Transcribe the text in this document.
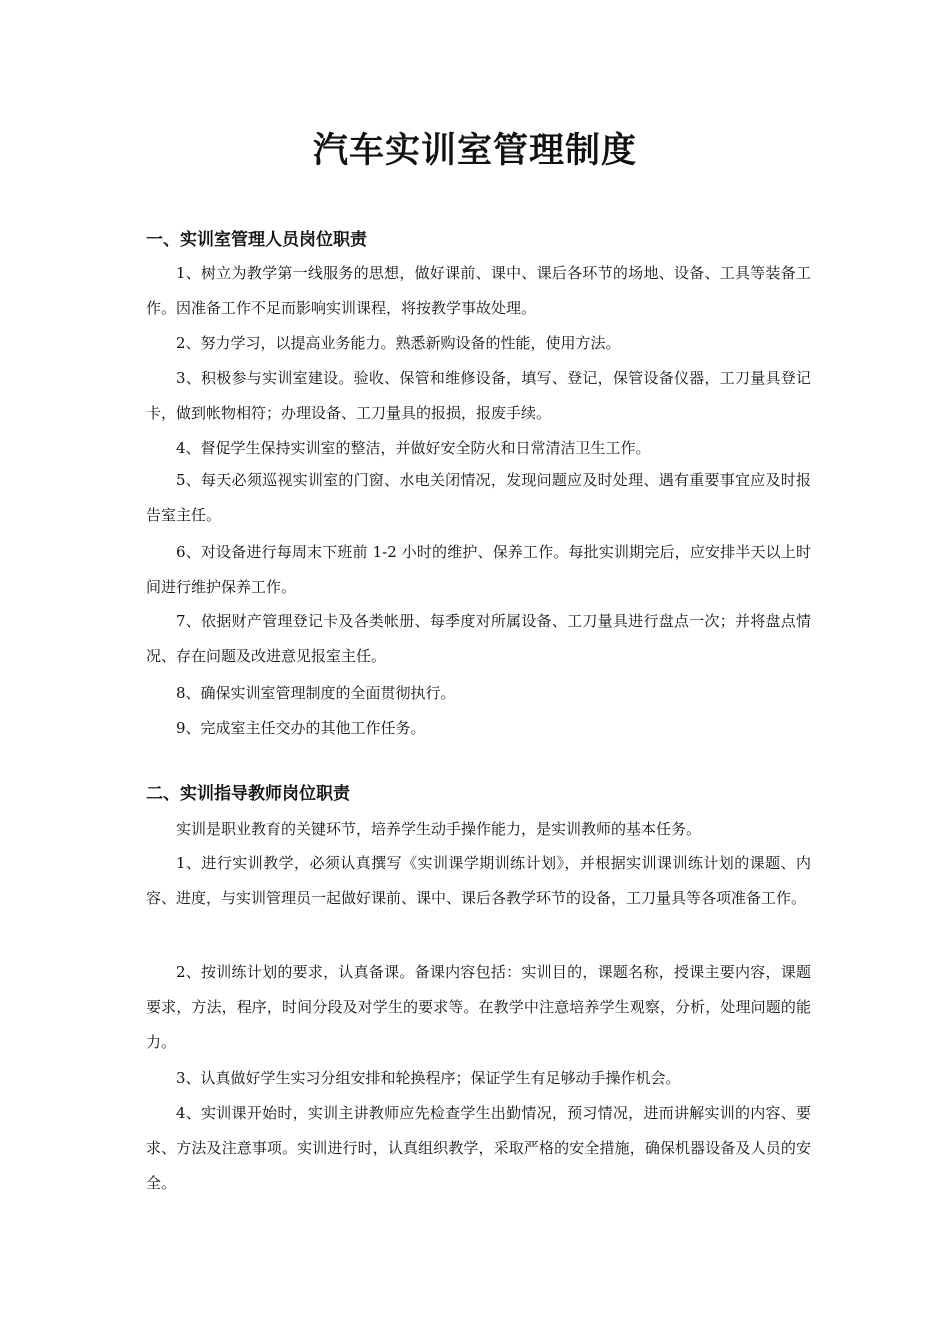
汽车实训室管理制度
一、实训室管理人员岗位职责

1、树立为教学第一线服务的思想，做好课前、课中、课后各环节的场地、设备、工具等装备工作。因准备工作不足而影响实训课程，将按教学事故处理。

2、努力学习，以提高业务能力。熟悉新购设备的性能，使用方法。

3、积极参与实训室建设。验收、保管和维修设备，填写、登记，保管设备仪器，工刀量具登记卡，做到帐物相符；办理设备、工刀量具的报损，报废手续。

4、督促学生保持实训室的整洁，并做好安全防火和日常清洁卫生工作。

5、每天必须巡视实训室的门窗、水电关闭情况，发现问题应及时处理、遇有重要事宜应及时报告室主任。

6、对设备进行每周末下班前 1-2 小时的维护、保养工作。每批实训期完后，应安排半天以上时间进行维护保养工作。

7、依据财产管理登记卡及各类帐册、每季度对所属设备、工刀量具进行盘点一次；并将盘点情况、存在问题及改进意见报室主任。

8、确保实训室管理制度的全面贯彻执行。

9、完成室主任交办的其他工作任务。

二、实训指导教师岗位职责

实训是职业教育的关键环节，培养学生动手操作能力，是实训教师的基本任务。

1、进行实训教学，必须认真撰写《实训课学期训练计划》，并根据实训课训练计划的课题、内容、进度，与实训管理员一起做好课前、课中、课后各教学环节的设备，工刀量具等各项准备工作。

2、按训练计划的要求，认真备课。备课内容包括：实训目的，课题名称，授课主要内容，课题要求，方法，程序，时间分段及对学生的要求等。在教学中注意培养学生观察，分析，处理问题的能力。

3、认真做好学生实习分组安排和轮换程序；保证学生有足够动手操作机会。

4、实训课开始时，实训主讲教师应先检查学生出勤情况，预习情况，进而讲解实训的内容、要求、方法及注意事项。实训进行时，认真组织教学，采取严格的安全措施，确保机器设备及人员的安全。
